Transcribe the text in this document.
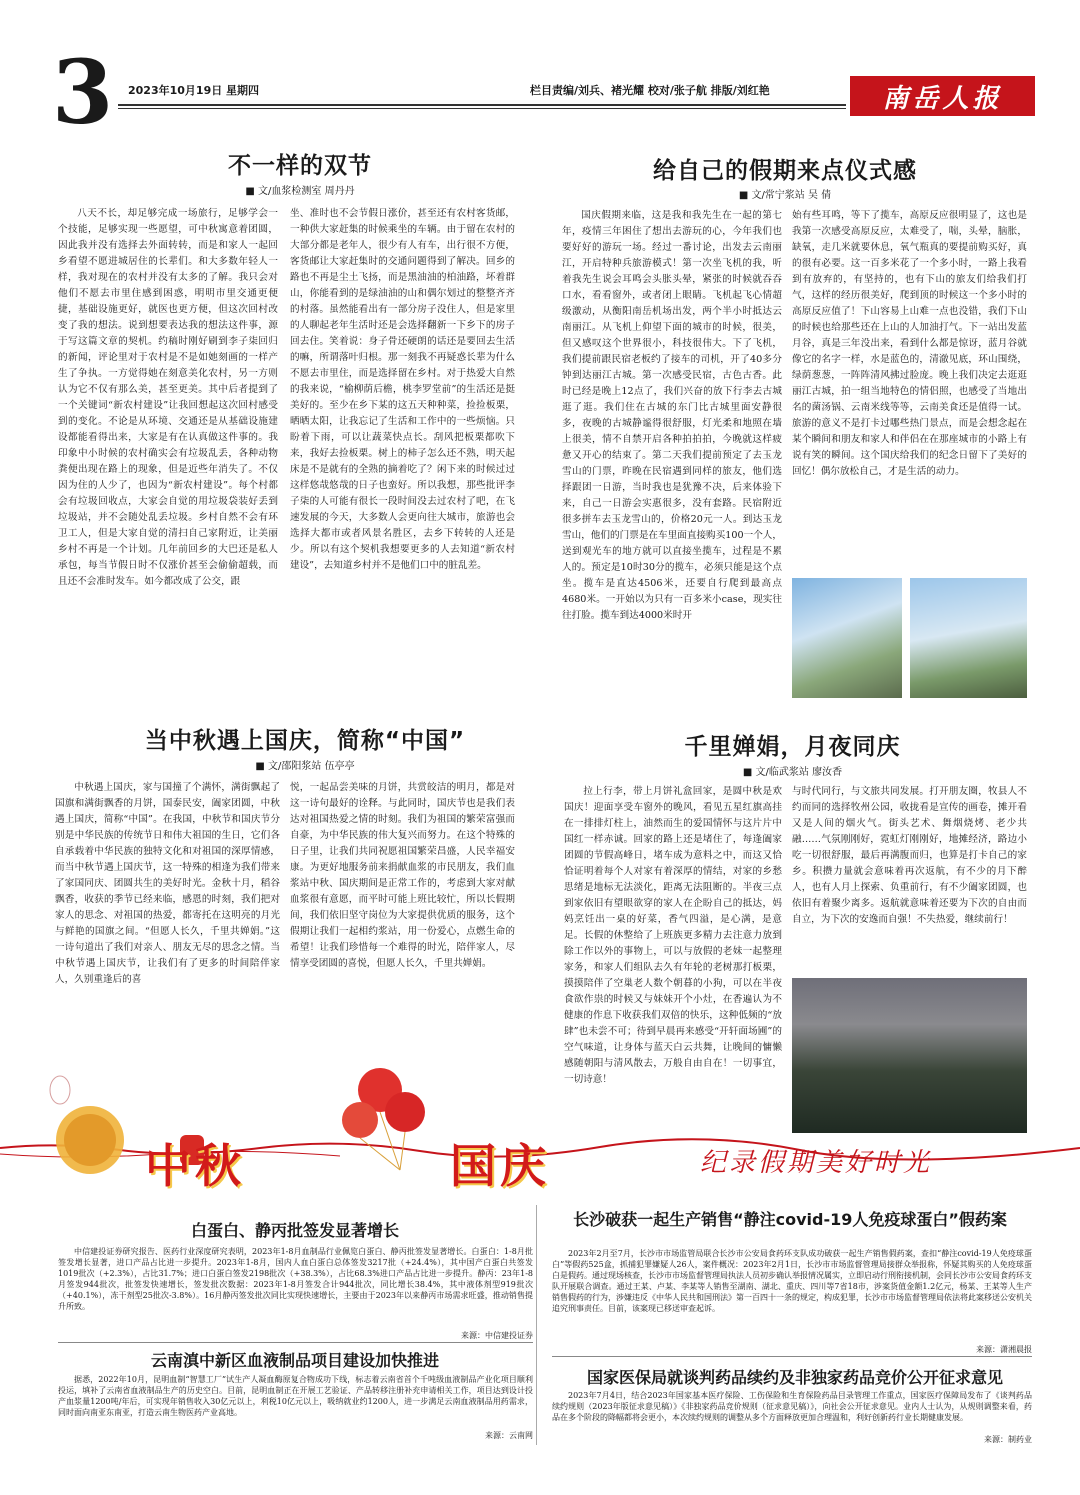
3 2023年10月19日 星期四	栏目责编/刘兵、褚光耀 校对/张子航 排版/刘红艳	南岳人报
不一样的双节
■ 文/血浆检测室 周丹丹

八天不长，却足够完成一场旅行，足够学会一个技能，足够实现一些愿望，可中秋寓意着团圆，因此我并没有选择去外面转转，而是和家人一起回乡看望不愿进城居住的长辈们。和大多数年轻人一样，我对现在的农村并没有太多的了解。我只会对他们不愿去市里住感到困惑，明明市里交通更便捷，基础设施更好，就医也更方便，但这次回村改变了我的想法。说到想要表达我的想法这件事，源于写这篇文章的契机。约稿时刚好刷到李子柒回归的新闻，评论里对于农村是不是如她刻画的一样产生了争执。一方觉得她在刻意美化农村，另一方则认为它不仅有那么美，甚至更美。其中后者提到了一个关键词“新农村建设”让我回想起这次回村感受到的变化。不论是从环境、交通还是从基础设施建设都能看得出来，大家是有在认真做这件事的。我印象中小时候的农村确实会有垃圾乱丢，各种动物粪便出现在路上的现象，但是近些年消失了。不仅因为住的人少了，也因为“新农村建设”。每个村都会有垃圾回收点，大家会自觉的用垃圾袋装好丢到垃圾站，并不会随处乱丢垃圾。乡村自然不会有环卫工人，但是大家自觉的清扫自己家附近，让美丽乡村不再是一个计划。几年前回乡的大巴还是私人承包，每当节假日时不仅涨价甚至会偷偷超载，而且还不会准时发车。如今都改成了公交，跟

坐、准时也不会节假日涨价，甚至还有农村客货邮，一种供大家赶集的时候乘坐的车辆。由于留在农村的大部分都是老年人，很少有人有车，出行很不方便，客货邮让大家赶集时的交通问题得到了解决。回乡的路也不再是尘土飞扬，而是黑油油的柏油路，坏着群山，你能看到的是绿油油的山和偶尔划过的整整齐齐的村落。虽然能看出有一部分房子没住人，但是家里的人聊起老年生活时还是会选择翻新一下乡下的房子回去住。笑着说：身子骨还硬朗的话还是要回去生活的嘛，所谓落叶归根。那一刻我不再疑惑长辈为什么不愿去市里住，而是选择留在乡村。对于热爱大自然的我来说，“榆柳荫后檐，桃李罗堂前”的生活还是挺美好的。至少在乡下某的这五天种种菜，捡捡板栗，晒晒太阳，让我忘记了生活和工作中的一些烦恼。只盼着下雨，可以让蔬菜快点长。刮风把板栗都吹下来，我好去捡板栗。树上的柿子怎么还不熟，明天起床是不是就有的全熟的摘着吃了？闲下来的时候过过这样悠哉悠哉的日子也蛮好。所以我想，那些批评李子柒的人可能有很长一段时间没去过农村了吧，在飞速发展的今天，大多数人会更向往大城市，旅游也会选择大都市或者风景名胜区，去乡下转转的人还是少。所以有这个契机我想要更多的人去知道“新农村建设”，去知道乡村并不是他们口中的脏乱差。

给自己的假期来点仪式感
■ 文/常宁浆站 吴 倩

国庆假期来临，这是我和我先生在一起的第七年，疫情三年困住了想出去游玩的心，今年我们也要好好的游玩一场。经过一番讨论，出发去云南丽江，开启特种兵旅游模式！第一次坐飞机的我，听着我先生说会耳鸣会头胀头晕，紧张的时候就吞吞口水，看看窗外，或者闭上眼睛。飞机起飞心情超级激动，从衡阳南岳机场出发，两个半小时抵达云南丽江。从飞机上仰望下面的城市的时候，很美，但又感叹这个世界很小，科技很伟大。下了飞机，我们提前跟民宿老板约了接车的司机，开了40多分钟到达丽江古城。第一次感受民宿，古色古香。此时已经是晚上12点了，我们兴奋的放下行李去古城逛了逛。我们住在古城的东门比古城里面安静很多，夜晚的古城静谧得很舒服，灯光柔和地照在墙上很美，情不自禁开启各种拍拍拍，今晚就这样疲惫又开心的结束了。第二天我们提前预定了去玉龙雪山的门票，昨晚在民宿遇到同样的旅友，他们选择跟团一日游，当时我也是犹豫不决，后来体验下来，自己一日游会实惠很多，没有套路。民宿附近很多拼车去玉龙雪山的，价格20元一人。到达玉龙雪山，他们的门票是在车里面直接购买100一个人，送到观光车的地方就可以直接坐揽车，过程是不累人的。预定是10时30分的揽车，必须只能是这个点坐。揽车是直达4506米，还要自行爬到最高点4680米。一开始以为只有一百多米小case，现实往往打脸。揽车到达4000米时开

始有些耳鸣，等下了揽车，高原反应很明显了，这也是我第一次感受高原反应，太难受了，喘，头晕，脑胀，缺氧，走几米就要休息，氧气瓶真的要提前购买好，真的很有必要。这一百多米花了一个多小时，一路上我看到有放弃的，有坚持的，也有下山的旅友们给我们打气，这样的经历很美好，爬到顶的时候这一个多小时的高原反应值了！下山容易上山难一点也没错，我们下山的时候也给那些还在上山的人加油打气。下一站出发蓝月谷，真是三年没出来，看到什么都是惊讶，蓝月谷就像它的名字一样，水是蓝色的，清澈见底，环山围绕，绿荫葱葱，一阵阵清风拂过脸庞。晚上我们决定去逛逛丽江古城，拍一组当地特色的情侣照，也感受了当地出名的菌汤锅、云南米线等等，云南美食还是值得一试。旅游的意义不是打卡过哪些热门景点，而是会想念起在某个瞬间和朋友和家人和伴侣在在那座城市的小路上有说有笑的瞬间。这个国庆给我们的纪念日留下了美好的回忆！偶尔放松自己，才是生活的动力。

当中秋遇上国庆，简称“中国”
■ 文/邵阳浆站 伍亭亭

中秋遇上国庆，家与国撞了个满怀，满街飘起了国旗和满街飘香的月饼，国泰民安，阖家团圆，中秋遇上国庆，简称“中国”。在我国，中秋节和国庆节分别是中华民族的传统节日和伟大祖国的生日，它们各自承载着中华民族的独特文化和对祖国的深厚情感，而当中秋节遇上国庆节，这一特殊的相逢为我们带来了家国同庆、团圆共生的美好时光。金秋十月，稻谷飘香，收获的季节已经来临，感恩的时刻，我们把对家人的思念、对祖国的热爱，都寄托在这明亮的月光与鲜艳的国旗之间。“但愿人长久，千里共婵娟。”这一诗句道出了我们对亲人、朋友无尽的思念之情。当中秋节遇上国庆节，让我们有了更多的时间陪伴家人，久别重逢后的喜

悦，一起品尝美味的月饼，共赏皎洁的明月，都是对这一诗句最好的诠释。与此同时，国庆节也是我们表达对祖国热爱之情的时刻。我们为祖国的繁荣富强而自豪，为中华民族的伟大复兴而努力。在这个特殊的日子里，让我们共同祝愿祖国繁荣昌盛，人民幸福安康。为更好地服务前来捐献血浆的市民朋友，我们血浆站中秋、国庆期间是正常工作的，考虑到大家对献血浆很有意愿，而平时可能上班比较忙，所以长假期间，我们依旧坚守岗位为大家提供优质的服务，这个假期让我们一起相约浆站，用一份爱心，点燃生命的希望！让我们珍惜每一个难得的时光，陪伴家人，尽情享受团圆的喜悦，但愿人长久，千里共婵娟。

千里婵娟，月夜同庆
■ 文/临武浆站 廖汝香

拉上行李，带上月饼礼盒回家，是圆中秋是欢国庆！迎面享受车窗外的晚风，看见五星红旗高挂在一排排灯柱上，油然而生的爱国情怀与这片片中国红一样赤诚。回家的路上还是堵住了，每逢阖家团圆的节假高峰日，堵车成为意料之中，而这又恰恰证明着每个人对家有着深厚的情结，对家的乡愁思绪是地标无法淡化，距离无法阻断的。半夜三点到家依旧有望眼欲穿的家人在企盼自己的抵达，妈妈烹饪出一桌的好菜，香气四溢，是心满，是意足。长假的休整给了上班族更多精力去注意力放到除工作以外的事物上，可以与放假的老妹一起整理家务，和家人们组队去久有年轮的老树那打板栗，摸摸陪伴了空巢老人数个朝暮的小狗，可以在半夜食欲作祟的时候又与妹妹开个小灶，在香遍认为不健康的作息下收获我们双倍的快乐，这种低频的“放肆”也未尝不可；待到早晨再来感受“开轩面场圃”的空气味道，让身体与蓝天白云共舞，让晚间的慵懒感随朝阳与清风散去，万般自由自在！一切事宜，一切诗意！

与时代同行，与文旅共同发展。打开朋友圈，牧县人不约而同的选择牧州公园，收拢看是宣传的画卷，摊开看又是人间的烟火气。街头艺术、舞烟烧烤、老少共融……气氛刚刚好，霓虹灯刚刚好，地摊经济，路边小吃一切很舒服，最后再满腹而归，也算是打卡自己的家乡。积攒力量就会意味着再次返航，有不少的月下醉人，也有人月上探索、负重前行，有不少阖家团圆，也依旧有着聚少离多。返航就意味着还要为下次的自由而自立，为下次的安逸而自强！不失热爱，继续前行！

中秋	国庆	纪录假期美好时光
白蛋白、静丙批签发显著增长

中信建投证券研究报告、医药行业深度研究表明，2023年1-8月血制品行业佩览白蛋白、静丙批签发显著增长。白蛋白：1-8月批签发增长显著，进口产品占比进一步提升。2023年1-8月，国内人血白蛋白总体签发3217批（+24.4%），其中国产白蛋白共签发1019批次（+2.3%），占比31.7%；进口白蛋白签发2198批次（+38.3%），占比68.3%进口产品占比进一步提升。静丙：23年1-8月签发944批次，批签发快速增长，签发批次数据：2023年1-8月签发合计944批次，同比增长38.4%，其中液体剂型919批次（+40.1%），冻干剂型25批次-3.8%）。16月静丙签发批次同比实现快速增长，主要由于2023年以来静丙市场需求旺盛，推动销售提升所致。

来源：中信建投证券
云南滇中新区血液制品项目建设加快推进

据悉，2022年10月，昆明血制“智慧工厂”试生产人凝血酶原复合物成功下线，标志着云南省首个千吨级血液制品产业化项目顺利投运，填补了云南省血液制品生产的历史空白。目前，昆明血制正在开展工艺验证、产品转移注册补充申请相关工作，项目达到设计投产血浆量1200吨/年后，可实现年销售收入30亿元以上，利税10亿元以上，吸纳就业约1200人，进一步满足云南血液制品用药需求，同时面向南亚东南亚，打造云南生物医药产业高地。

来源：云南网
长沙破获一起生产销售“静注covid-19人免疫球蛋白”假药案

2023年2月至7月，长沙市市场监管局联合长沙市公安局食药环支队成功破获一起生产销售假药案，查扣“静注covid-19人免疫球蛋白”等假药525盒，抓捕犯罪嫌疑人26人，案件概况：2023年2月1日，长沙市市场监督管理局接群众举报称，怀疑其购买的人免疫球蛋白是假药。通过现场核查，长沙市市场监督管理局执法人员初步确认举报情况属实，立即启动行刑衔接机制，会同长沙市公安局食药环支队开展联合调查。通过王某、卢某、李某等人销售至湖南、湖北、重庆、四川等7省18市，涉案货值金额1.2亿元，杨某、王某等人生产销售假药的行为，涉嫌违反《中华人民共和国刑法》第一百四十一条的规定，构成犯罪，长沙市市场监督管理局依法将此案移送公安机关追究刑事责任。目前，该案现已移送审查起诉。

来源：潇湘晨报
国家医保局就谈判药品续约及非独家药品竞价公开征求意见

2023年7月4日，结合2023年国家基本医疗保险、工伤保险和生育保险药品目录管理工作重点，国家医疗保障局发布了《谈判药品续约规则（2023年版征求意见稿）》《非独家药品竞价规则（征求意见稿）》，向社会公开征求意见。业内人士认为，从规则调整来看，药品在多个阶段的降幅都将会更小，本次续约规则的调整从多个方面释放更加合理温和，利好创新药行业长期健康发展。

来源：制药业
